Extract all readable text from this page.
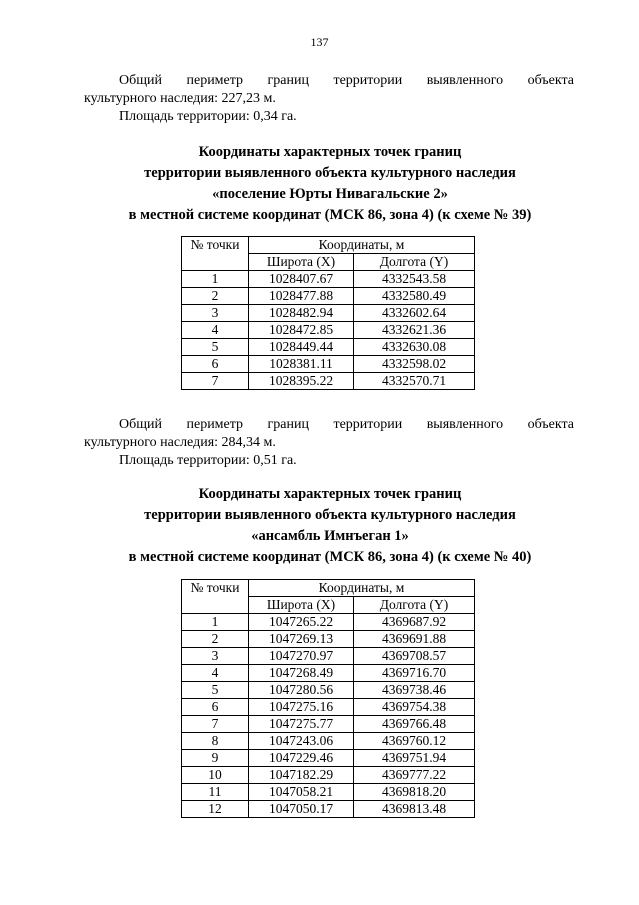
137

Общий периметр границ территории выявленного объекта

культурного наследия: 227,23 м.

Площадь территории: 0,34 га.

Координаты характерных точек границ
территории выявленного объекта культурного наследия
«поселение Юрты Нивагальские 2»
в местной системе координат (МСК 86, зона 4) (к схеме № 39)
№ точки	Координаты, м	
	Широта (X)	Долгота (Y)
1	1028407.67	4332543.58
2	1028477.88	4332580.49
3	1028482.94	4332602.64
4	1028472.85	4332621.36
5	1028449.44	4332630.08
6	1028381.11	4332598.02
7	1028395.22	4332570.71

Общий периметр границ территории выявленного объекта

культурного наследия: 284,34 м.

Площадь территории: 0,51 га.

Координаты характерных точек границ
территории выявленного объекта культурного наследия
«ансамбль Имнъеган 1»
в местной системе координат (МСК 86, зона 4) (к схеме № 40)
№ точки	Координаты, м	
	Широта (X)	Долгота (Y)
1	1047265.22	4369687.92
2	1047269.13	4369691.88
3	1047270.97	4369708.57
4	1047268.49	4369716.70
5	1047280.56	4369738.46
6	1047275.16	4369754.38
7	1047275.77	4369766.48
8	1047243.06	4369760.12
9	1047229.46	4369751.94
10	1047182.29	4369777.22
11	1047058.21	4369818.20
12	1047050.17	4369813.48
